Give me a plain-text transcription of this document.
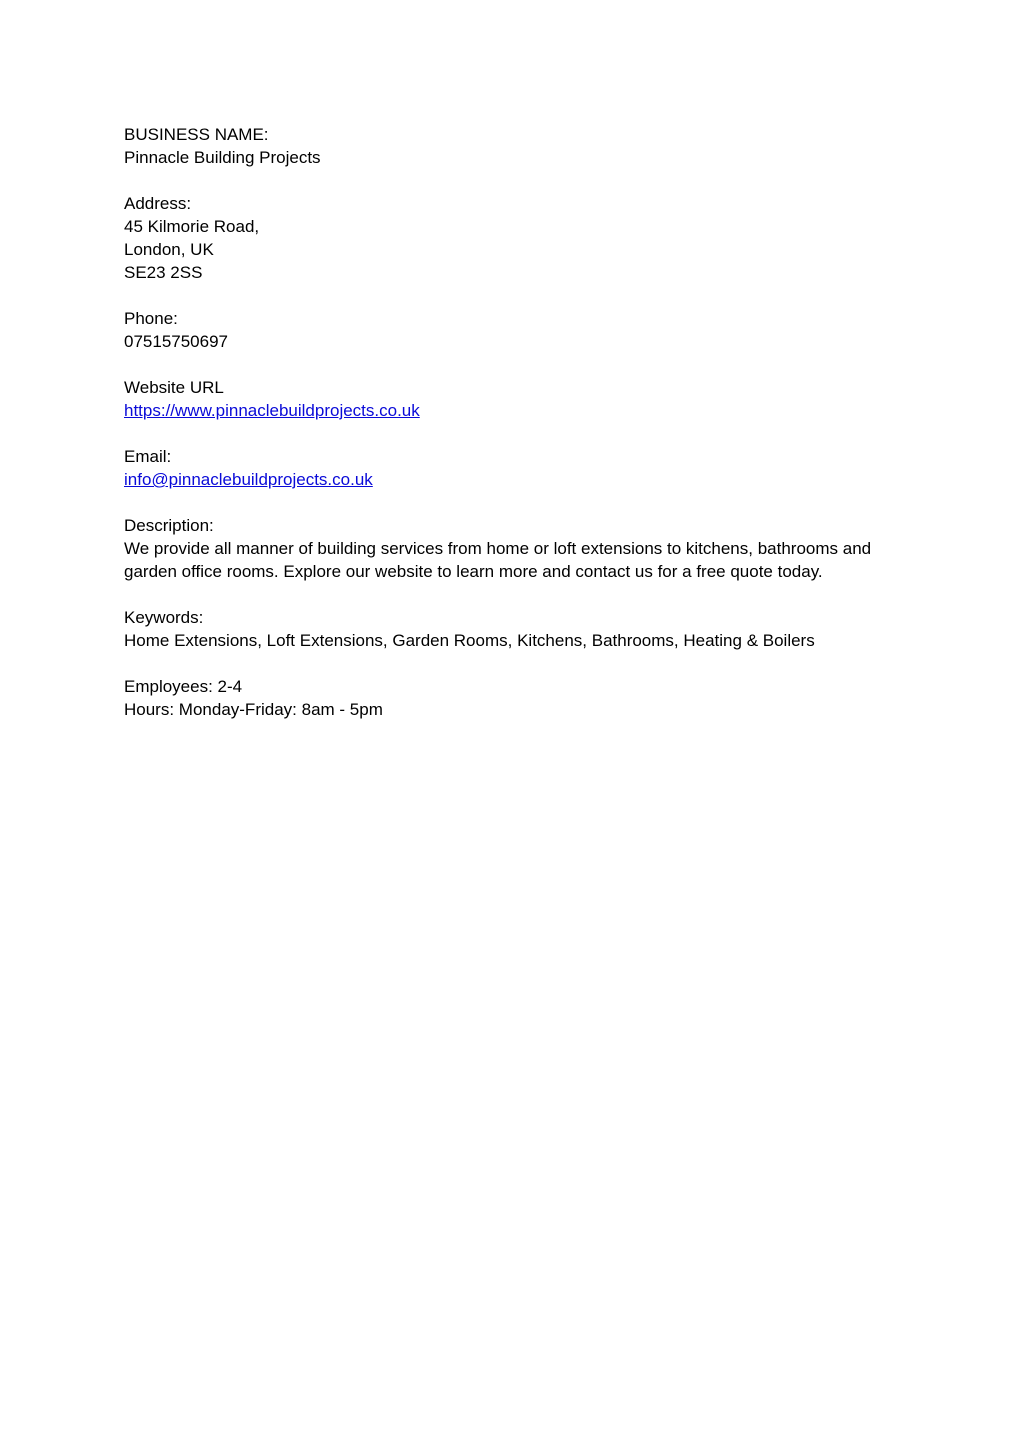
BUSINESS NAME:
Pinnacle Building Projects
Address:
45 Kilmorie Road,
London, UK
SE23 2SS
Phone:
07515750697
Website URL
https://www.pinnaclebuildprojects.co.uk
Email:
info@pinnaclebuildprojects.co.uk
Description:
We provide all manner of building services from home or loft extensions to kitchens, bathrooms and garden office rooms. Explore our website to learn more and contact us for a free quote today.
Keywords:
Home Extensions, Loft Extensions, Garden Rooms, Kitchens, Bathrooms, Heating & Boilers
Employees: 2-4
Hours: Monday-Friday: 8am - 5pm
